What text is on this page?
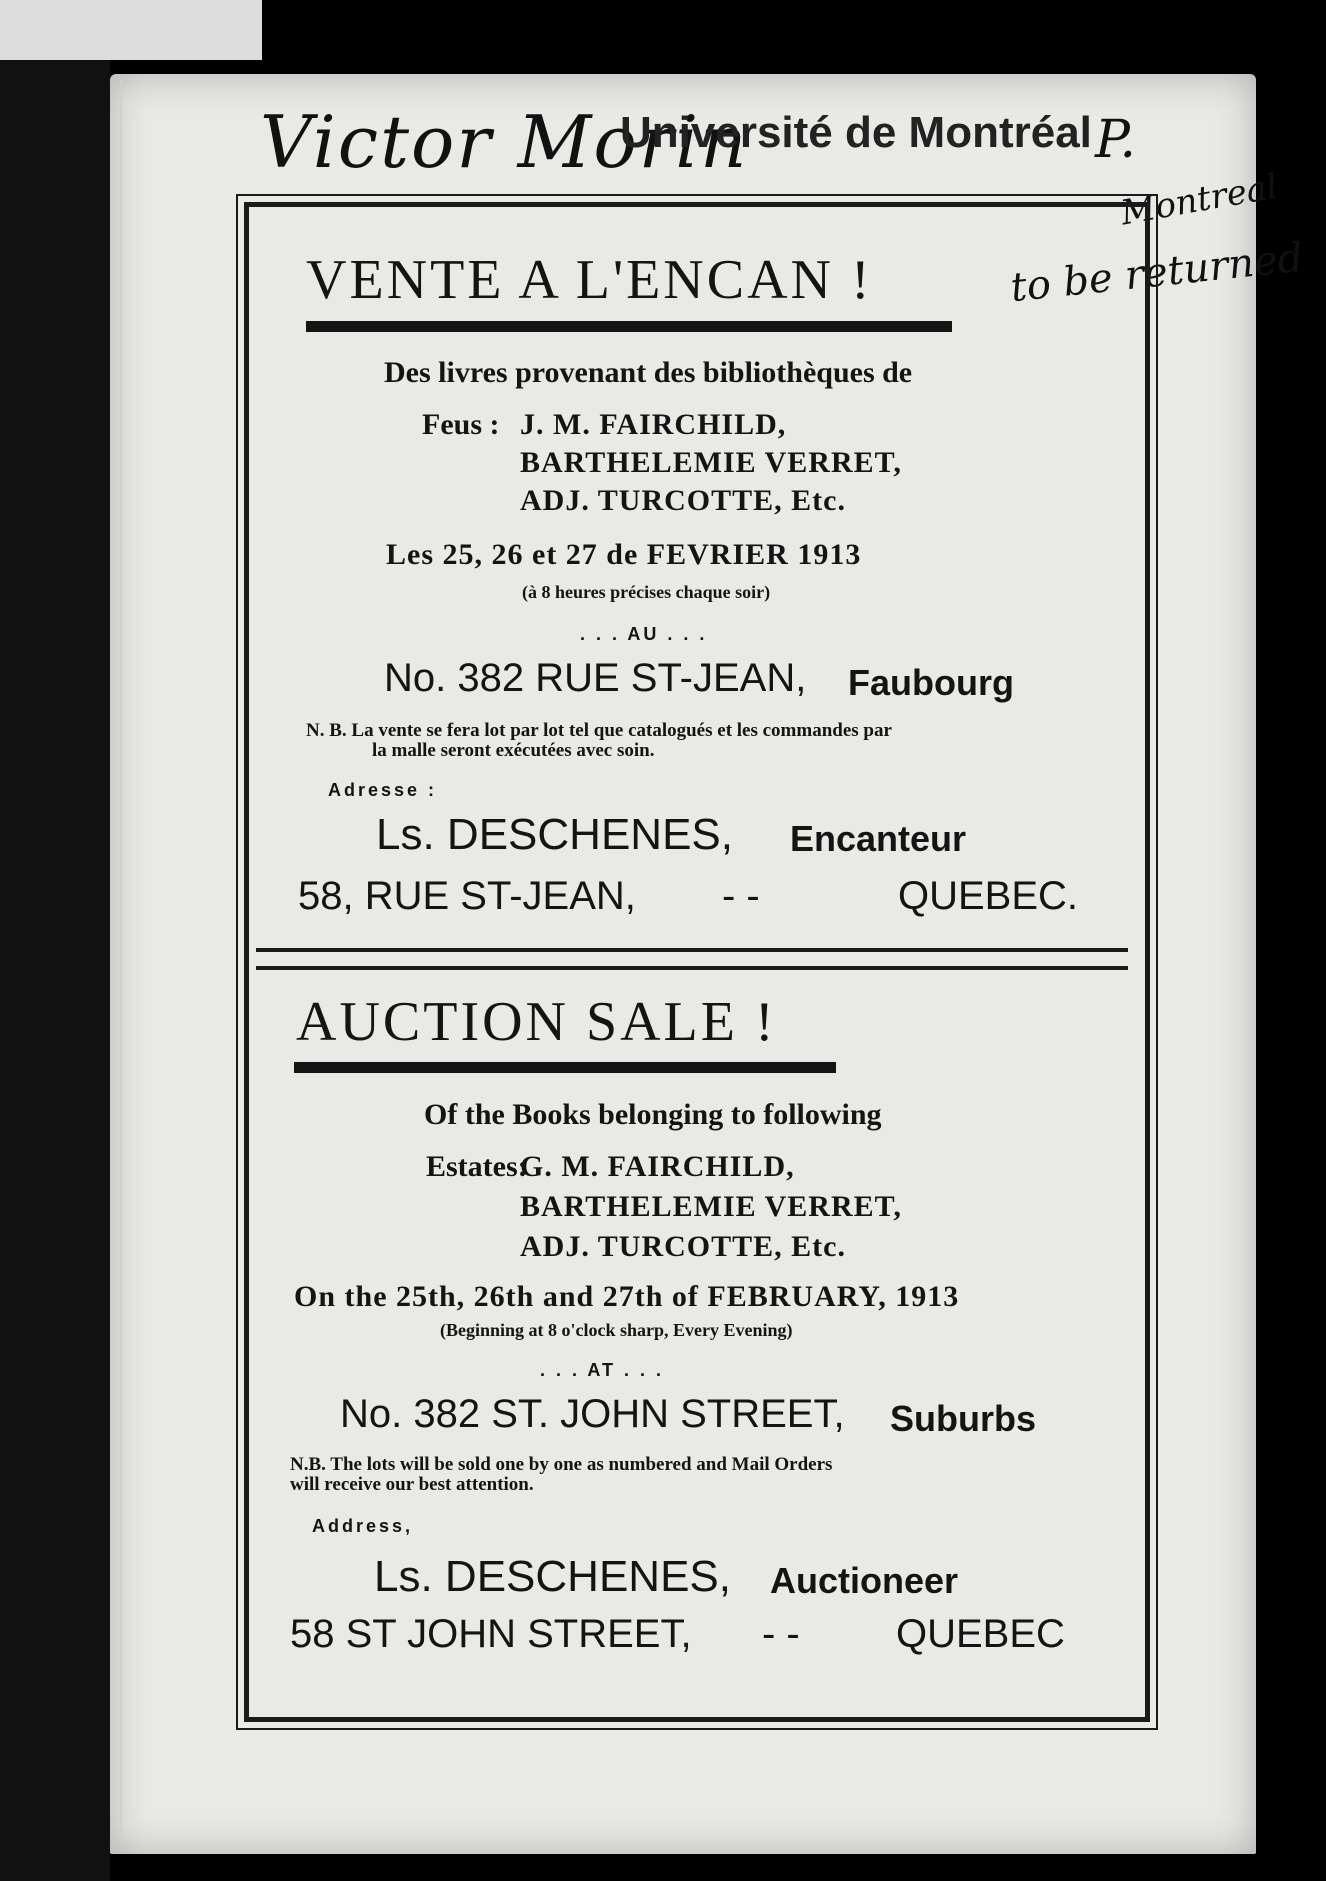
Victor Morin
Université de Montréal P.
Montreal
to be returned
VENTE A L'ENCAN !
Des livres provenant des bibliothèques de
Feus : J. M. FAIRCHILD,
BARTHELEMIE VERRET,
ADJ. TURCOTTE, Etc.
Les 25, 26 et 27 de FEVRIER 1913
(à 8 heures précises chaque soir)
. . . AU . . .
No. 382 RUE ST-JEAN, Faubourg
N. B. La vente se fera lot par lot tel que catalogués et les commandes par
la malle seront exécutées avec soin.
Adresse :
Ls. DESCHENES, Encanteur
58, RUE ST-JEAN, - -	QUEBEC.
AUCTION SALE !
Of the Books belonging to following
Estates:
G. M. FAIRCHILD,
BARTHELEMIE VERRET,
ADJ. TURCOTTE, Etc.
On the 25th, 26th and 27th of FEBRUARY, 1913
(Beginning at 8 o'clock sharp, Every Evening)
. . . AT . . .
No. 382 ST. JOHN STREET, Suburbs
N.B. The lots will be sold one by one as numbered and Mail Orders
will receive our best attention.
Address,
Ls. DESCHENES, Auctioneer
58 ST JOHN STREET, - - QUEBEC
